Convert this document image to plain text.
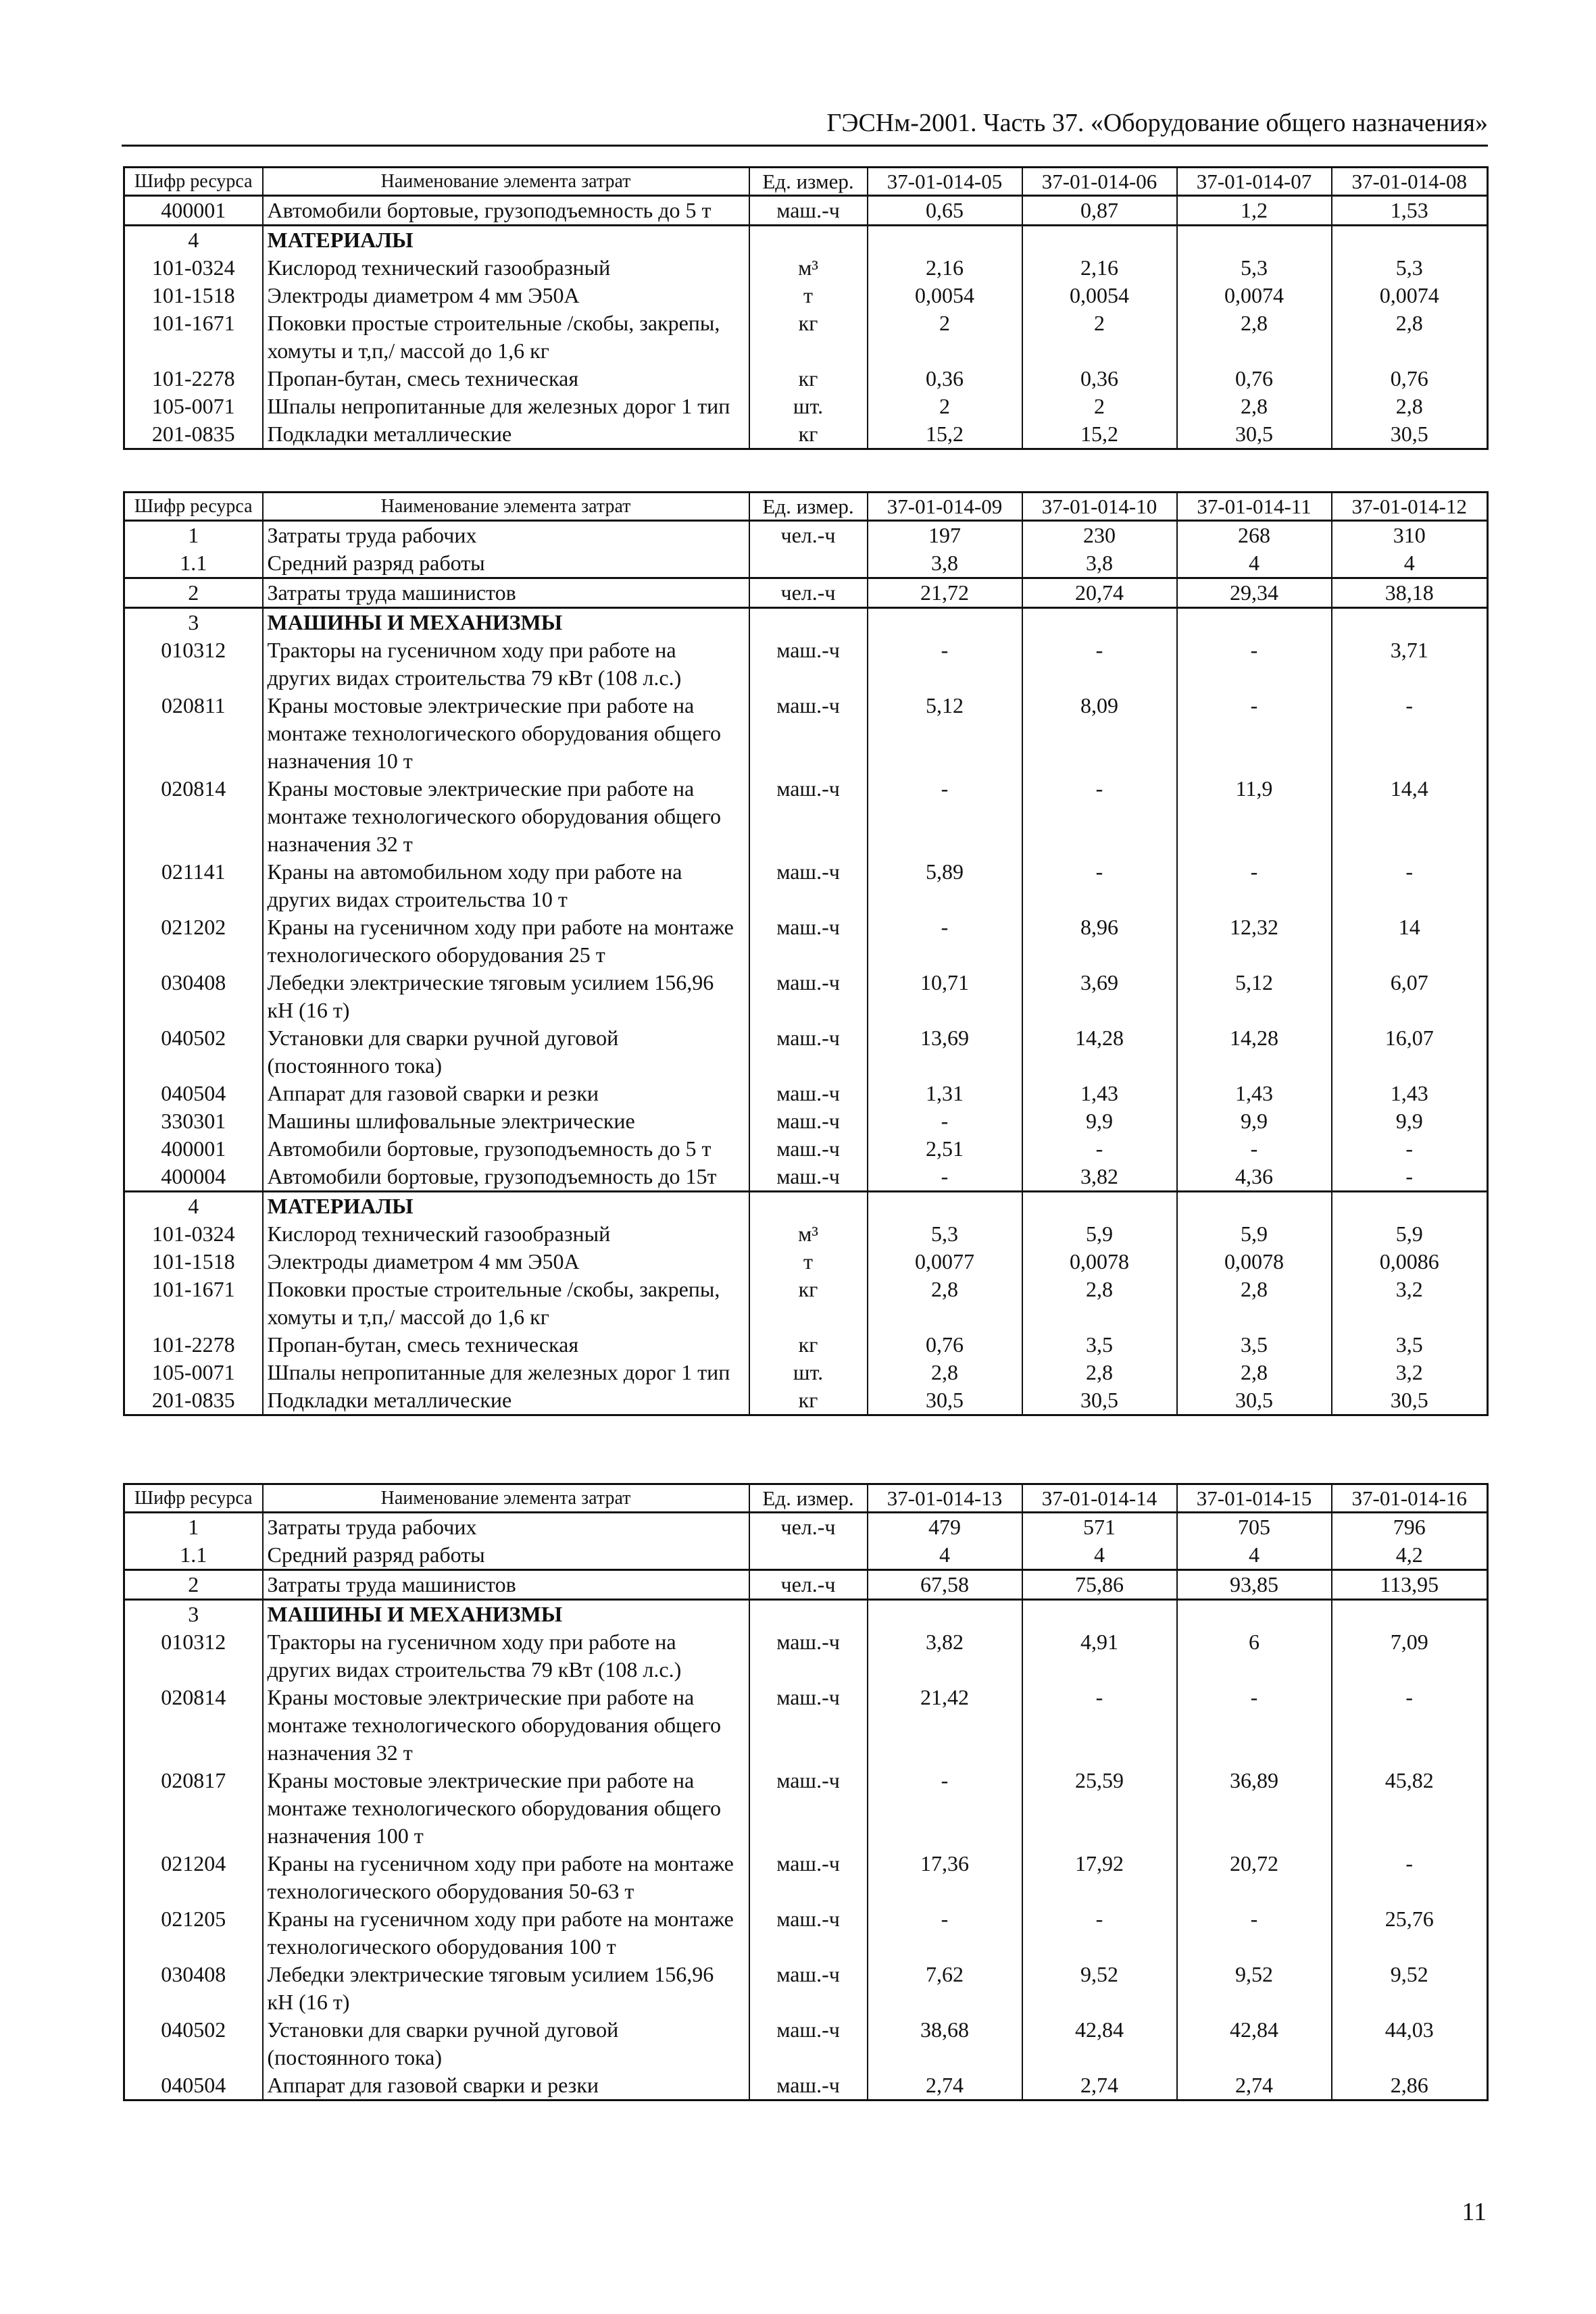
ГЭСНм-2001. Часть 37. «Оборудование общего назначения»
Шифр ресурса	Наименование элемента затрат	Ед. измер.	37-01-014-05	37-01-014-06	37-01-014-07	37-01-014-08
400001	Автомобили бортовые, грузоподъемность до 5 т	маш.-ч	0,65	0,87	1,2	1,53
4	МАТЕРИАЛЫ					
101-0324	Кислород технический газообразный	м³	2,16	2,16	5,3	5,3
101-1518	Электроды диаметром 4 мм Э50А	т	0,0054	0,0054	0,0074	0,0074
101-1671	Поковки простые строительные /скобы, закрепы, хомуты и т,п,/ массой до 1,6 кг	кг	2	2	2,8	2,8
101-2278	Пропан-бутан, смесь техническая	кг	0,36	0,36	0,76	0,76
105-0071	Шпалы непропитанные для железных дорог 1 тип	шт.	2	2	2,8	2,8
201-0835	Подкладки металлические	кг	15,2	15,2	30,5	30,5
Шифр ресурса	Наименование элемента затрат	Ед. измер.	37-01-014-09	37-01-014-10	37-01-014-11	37-01-014-12
1	Затраты труда рабочих	чел.-ч	197	230	268	310
1.1	Средний разряд работы		3,8	3,8	4	4
2	Затраты труда машинистов	чел.-ч	21,72	20,74	29,34	38,18
3	МАШИНЫ И МЕХАНИЗМЫ					
010312	Тракторы на гусеничном ходу при работе на других видах строительства 79 кВт (108 л.с.)	маш.-ч	-	-	-	3,71
020811	Краны мостовые электрические при работе на монтаже технологического оборудования общего назначения 10 т	маш.-ч	5,12	8,09	-	-
020814	Краны мостовые электрические при работе на монтаже технологического оборудования общего назначения 32 т	маш.-ч	-	-	11,9	14,4
021141	Краны на автомобильном ходу при работе на других видах строительства 10 т	маш.-ч	5,89	-	-	-
021202	Краны на гусеничном ходу при работе на монтаже технологического оборудования 25 т	маш.-ч	-	8,96	12,32	14
030408	Лебедки электрические тяговым усилием 156,96 кН (16 т)	маш.-ч	10,71	3,69	5,12	6,07
040502	Установки для сварки ручной дуговой (постоянного тока)	маш.-ч	13,69	14,28	14,28	16,07
040504	Аппарат для газовой сварки и резки	маш.-ч	1,31	1,43	1,43	1,43
330301	Машины шлифовальные электрические	маш.-ч	-	9,9	9,9	9,9
400001	Автомобили бортовые, грузоподъемность до 5 т	маш.-ч	2,51	-	-	-
400004	Автомобили бортовые, грузоподъемность до 15т	маш.-ч	-	3,82	4,36	-
4	МАТЕРИАЛЫ					
101-0324	Кислород технический газообразный	м³	5,3	5,9	5,9	5,9
101-1518	Электроды диаметром 4 мм Э50А	т	0,0077	0,0078	0,0078	0,0086
101-1671	Поковки простые строительные /скобы, закрепы, хомуты и т,п,/ массой до 1,6 кг	кг	2,8	2,8	2,8	3,2
101-2278	Пропан-бутан, смесь техническая	кг	0,76	3,5	3,5	3,5
105-0071	Шпалы непропитанные для железных дорог 1 тип	шт.	2,8	2,8	2,8	3,2
201-0835	Подкладки металлические	кг	30,5	30,5	30,5	30,5
Шифр ресурса	Наименование элемента затрат	Ед. измер.	37-01-014-13	37-01-014-14	37-01-014-15	37-01-014-16
1	Затраты труда рабочих	чел.-ч	479	571	705	796
1.1	Средний разряд работы		4	4	4	4,2
2	Затраты труда машинистов	чел.-ч	67,58	75,86	93,85	113,95
3	МАШИНЫ И МЕХАНИЗМЫ					
010312	Тракторы на гусеничном ходу при работе на других видах строительства 79 кВт (108 л.с.)	маш.-ч	3,82	4,91	6	7,09
020814	Краны мостовые электрические при работе на монтаже технологического оборудования общего назначения 32 т	маш.-ч	21,42	-	-	-
020817	Краны мостовые электрические при работе на монтаже технологического оборудования общего назначения 100 т	маш.-ч	-	25,59	36,89	45,82
021204	Краны на гусеничном ходу при работе на монтаже технологического оборудования 50-63 т	маш.-ч	17,36	17,92	20,72	-
021205	Краны на гусеничном ходу при работе на монтаже технологического оборудования 100 т	маш.-ч	-	-	-	25,76
030408	Лебедки электрические тяговым усилием 156,96 кН (16 т)	маш.-ч	7,62	9,52	9,52	9,52
040502	Установки для сварки ручной дуговой (постоянного тока)	маш.-ч	38,68	42,84	42,84	44,03
040504	Аппарат для газовой сварки и резки	маш.-ч	2,74	2,74	2,74	2,86
11
